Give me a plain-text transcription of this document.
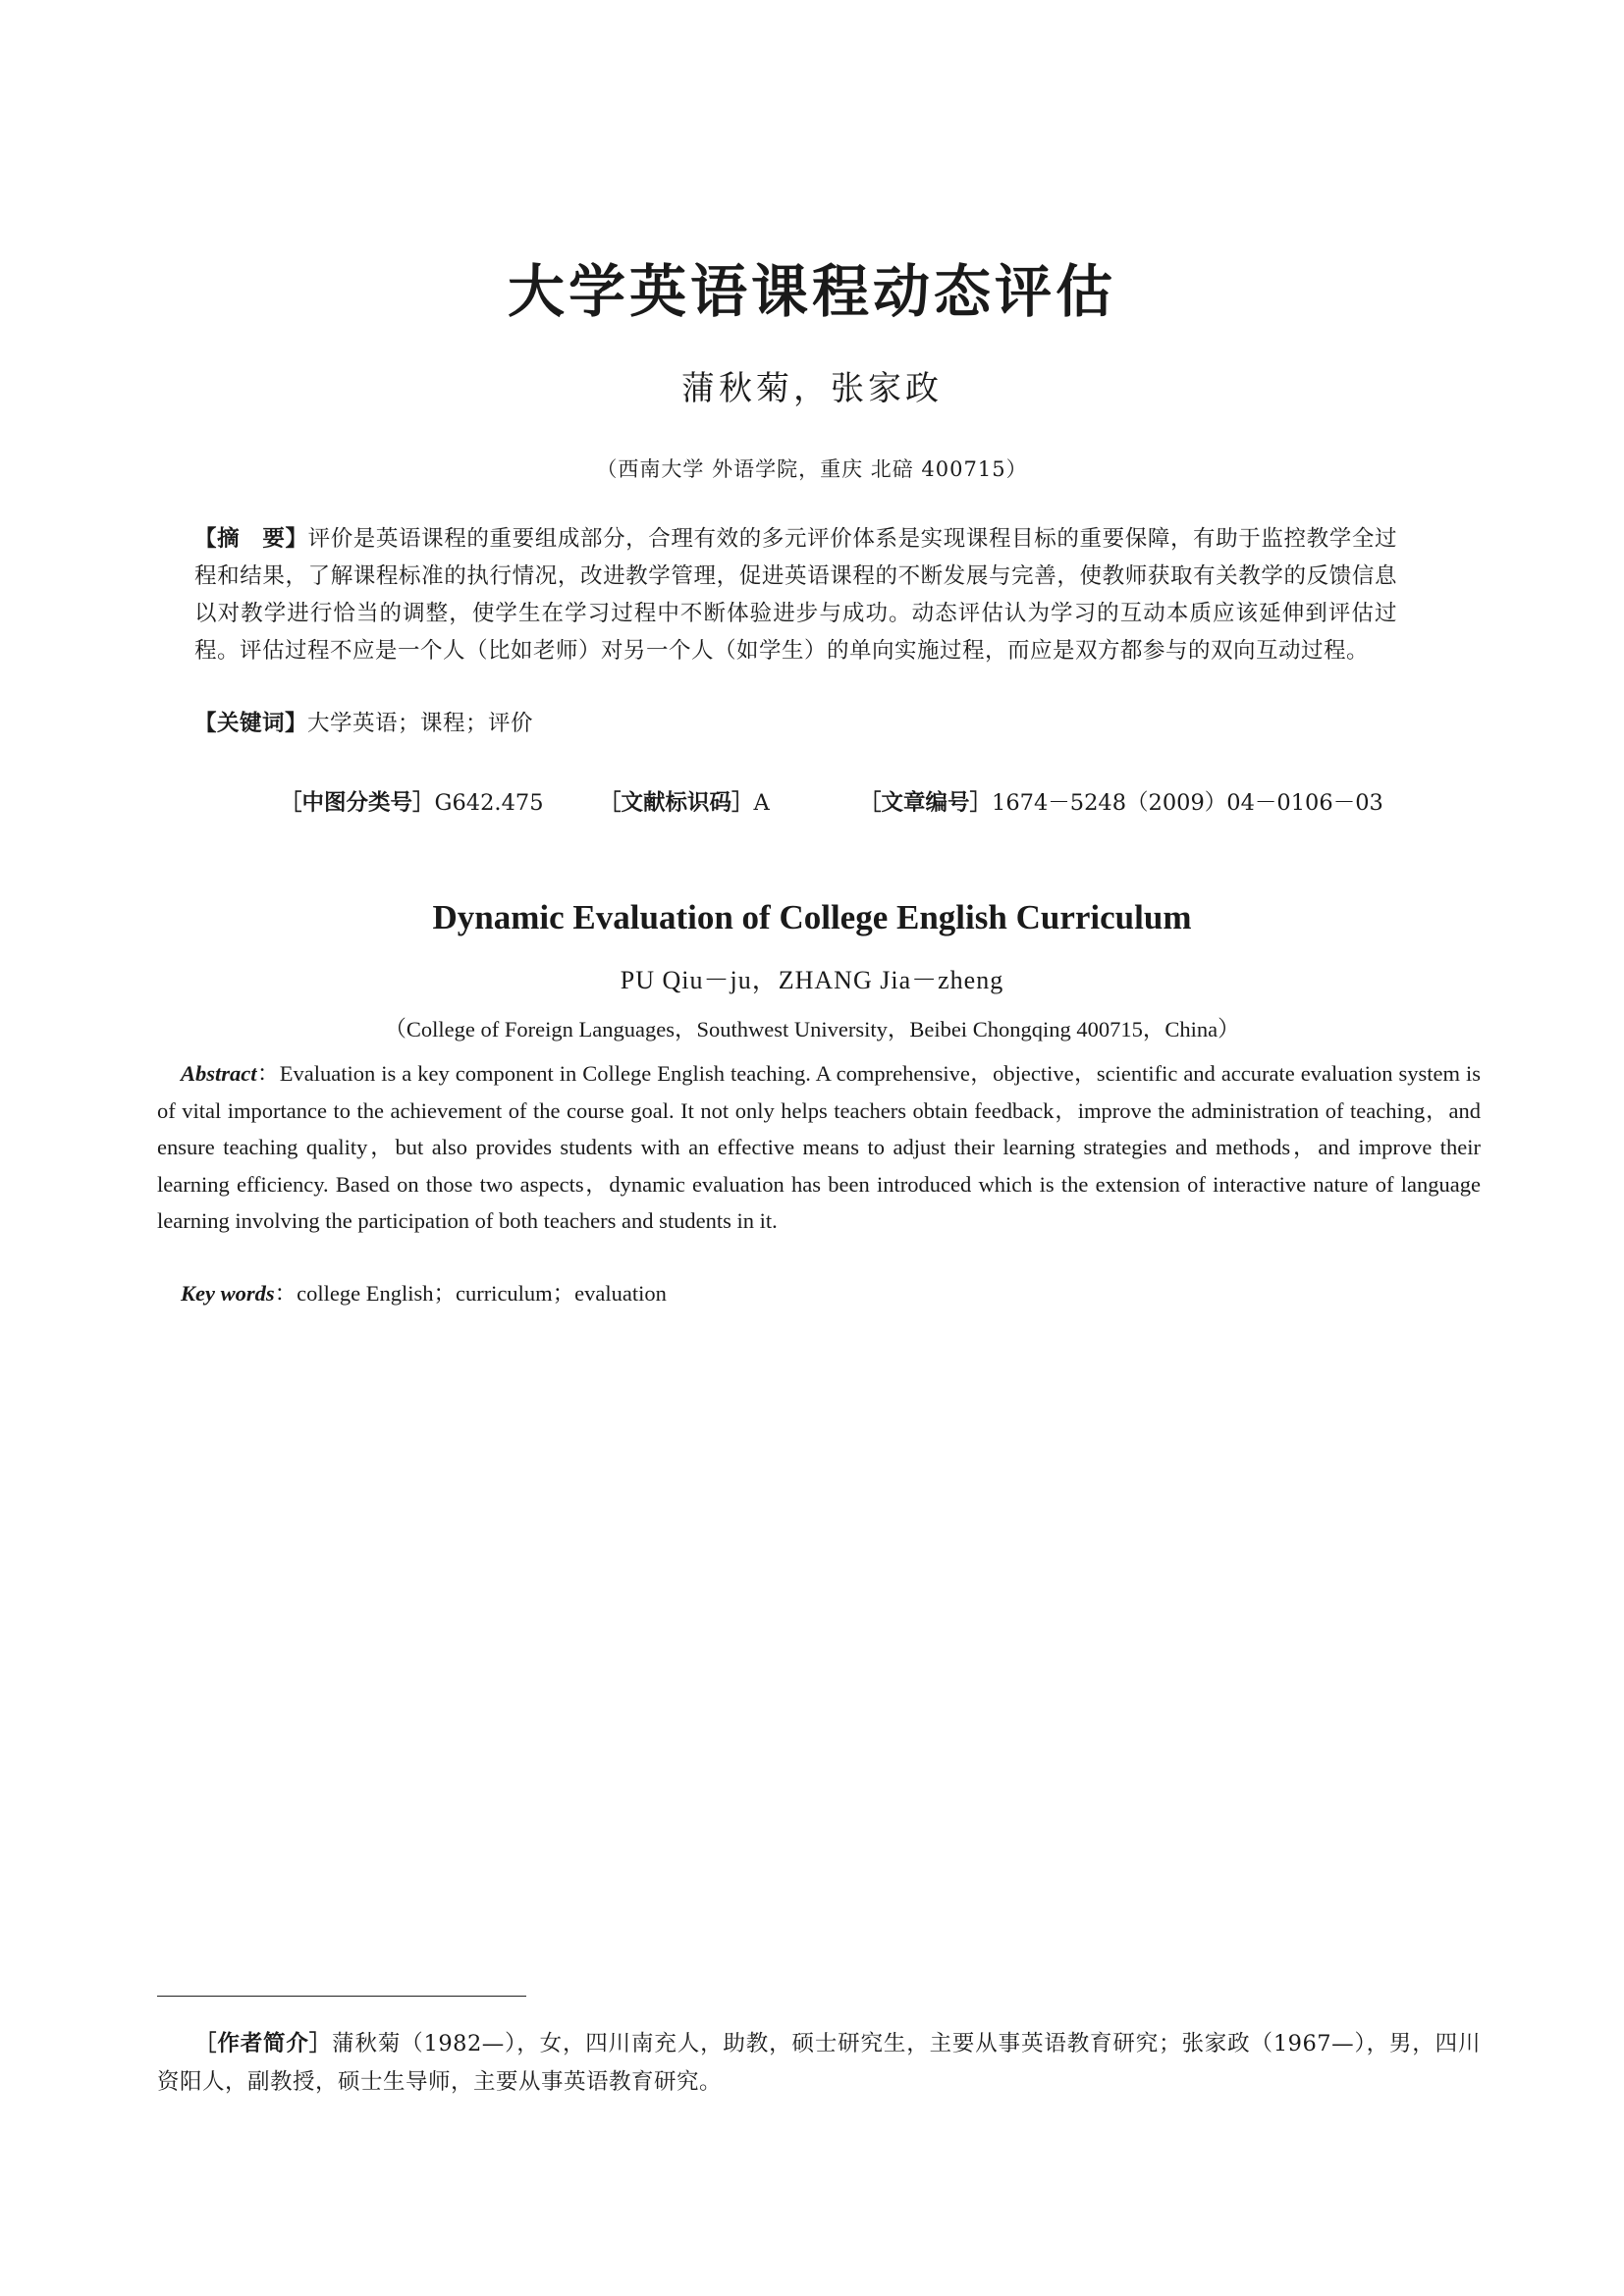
大学英语课程动态评估
蒲秋菊，张家政
（西南大学 外语学院，重庆 北碚 400715）
【摘　要】评价是英语课程的重要组成部分，合理有效的多元评价体系是实现课程目标的重要保障，有助于监控教学全过程和结果，了解课程标准的执行情况，改进教学管理，促进英语课程的不断发展与完善，使教师获取有关教学的反馈信息以对教学进行恰当的调整，使学生在学习过程中不断体验进步与成功。动态评估认为学习的互动本质应该延伸到评估过程。评估过程不应是一个人（比如老师）对另一个人（如学生）的单向实施过程，而应是双方都参与的双向互动过程。
【关键词】大学英语；课程；评价
［中图分类号］G642.475	［文献标识码］A	［文章编号］1674－5248（2009）04－0106－03
Dynamic Evaluation of College English Curriculum
PU Qiu－ju，ZHANG Jia－zheng
（College of Foreign Languages，Southwest University，Beibei Chongqing 400715，China）
Abstract：Evaluation is a key component in College English teaching. A comprehensive，objective，scientific and accurate evaluation system is of vital importance to the achievement of the course goal. It not only helps teachers obtain feedback，improve the administration of teaching，and ensure teaching quality，but also provides students with an effective means to adjust their learning strategies and methods，and improve their learning efficiency. Based on those two aspects，dynamic evaluation has been introduced which is the extension of interactive nature of language learning involving the participation of both teachers and students in it.
Key words：college English；curriculum；evaluation
［作者简介］蒲秋菊（1982—），女，四川南充人，助教，硕士研究生，主要从事英语教育研究；张家政（1967—），男，四川资阳人，副教授，硕士生导师，主要从事英语教育研究。
